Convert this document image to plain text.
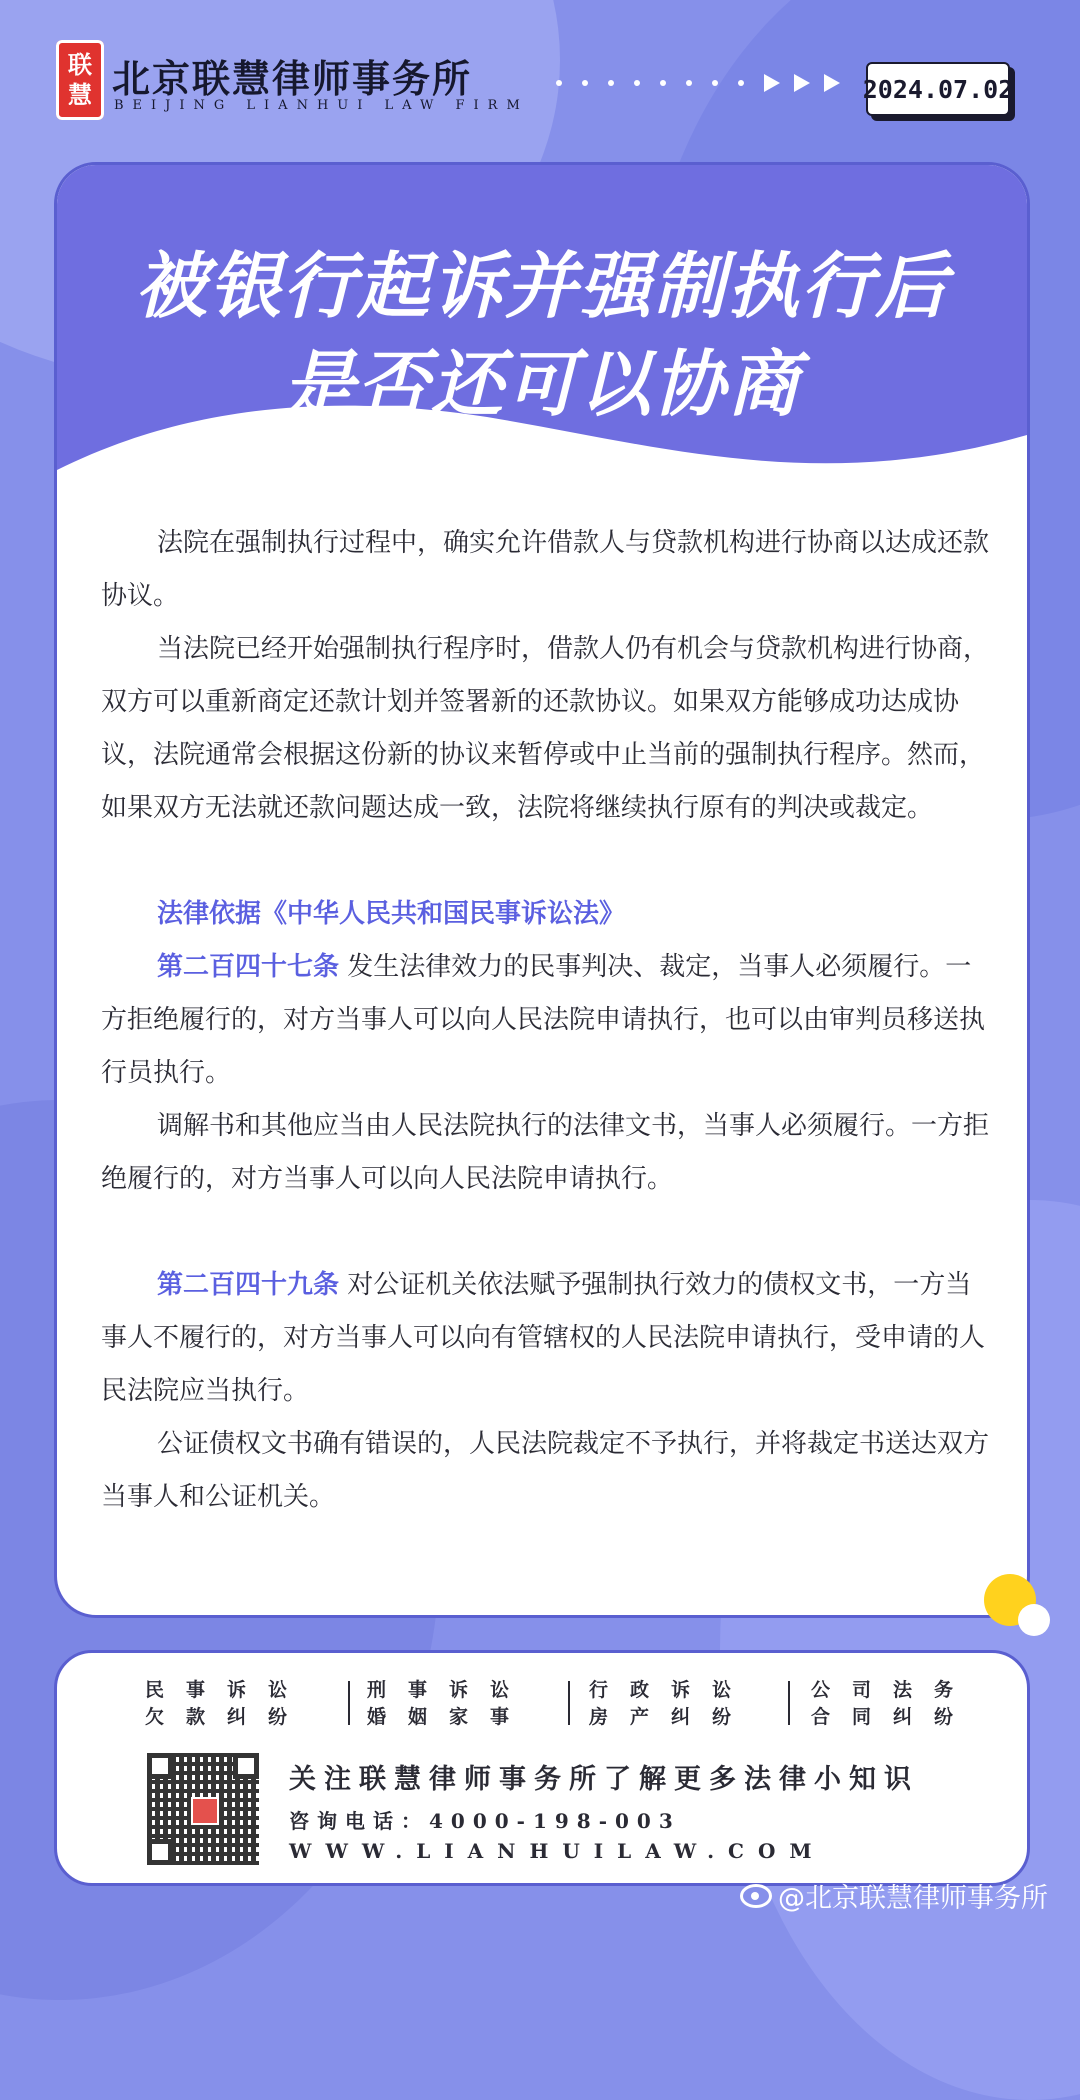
联
慧 北京联慧律师事务所
BEIJING LIANHUI LAW FIRM
2024.07.02
被银行起诉并强制执行后
是否还可以协商

法院在强制执行过程中，确实允许借款人与贷款机构进行协商以达成还款协议。

当法院已经开始强制执行程序时，借款人仍有机会与贷款机构进行协商，双方可以重新商定还款计划并签署新的还款协议。如果双方能够成功达成协议，法院通常会根据这份新的协议来暂停或中止当前的强制执行程序。然而，如果双方无法就还款问题达成一致，法院将继续执行原有的判决或裁定。

法律依据《中华人民共和国民事诉讼法》

第二百四十七条 发生法律效力的民事判决、裁定，当事人必须履行。一方拒绝履行的，对方当事人可以向人民法院申请执行，也可以由审判员移送执行员执行。

调解书和其他应当由人民法院执行的法律文书，当事人必须履行。一方拒绝履行的，对方当事人可以向人民法院申请执行。

第二百四十九条 对公证机关依法赋予强制执行效力的债权文书，一方当事人不履行的，对方当事人可以向有管辖权的人民法院申请执行，受申请的人民法院应当执行。

公证债权文书确有错误的，人民法院裁定不予执行，并将裁定书送达双方当事人和公证机关。

民事诉讼	刑事诉讼	行政诉讼	公司法务
欠款纠纷	婚姻家事	房产纠纷	合同纠纷
关注联慧律师事务所了解更多法律小知识
咨询电话：4000-198-003
WWW.LIANHUILAW.COM
@北京联慧律师事务所
